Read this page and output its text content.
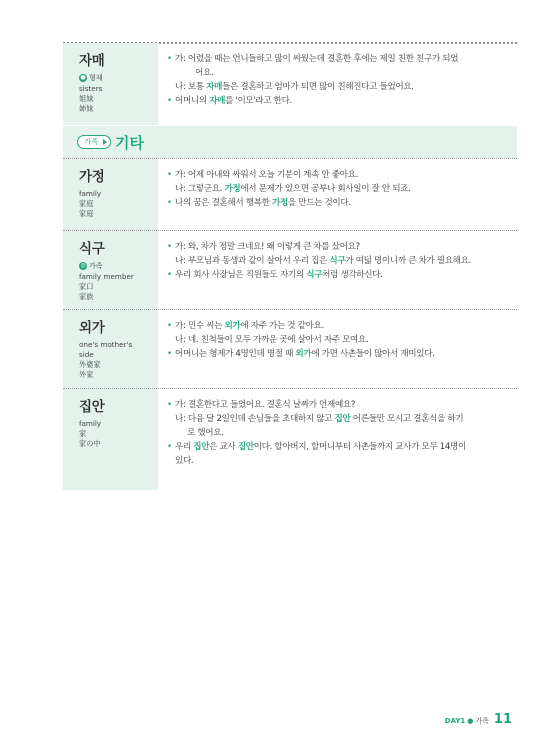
자매
● 형제
sisters
姐妹
姉妹
• 가: 어렸을 때는 언니들하고 많이 싸웠는데 결혼한 후에는 제일 친한 친구가 되었
어요.
나: 보통 자매들은 결혼하고 엄마가 되면 많이 친해진다고 들었어요.
• 어머니의 자매를 '이모'라고 한다.
가족	기타
가정
family
家庭
家庭
• 가: 어제 아내와 싸워서 오늘 기분이 계속 안 좋아요.
나: 그렇군요. 가정에서 문제가 있으면 공부나 회사일이 잘 안 되죠.
• 나의 꿈은 결혼해서 행복한 가정을 만드는 것이다.
식구
◎ 가족
family member
家口
家族
• 가: 와, 차가 정말 크네요! 왜 이렇게 큰 차를 샀어요?
나: 부모님과 동생과 같이 살아서 우리 집은 식구가 여덟 명이니까 큰 차가 필요해요.
• 우리 회사 사장님은 직원들도 자기의 식구처럼 생각하신다.
외가
one's mother's
side
外婆家
外家
• 가: 민수 씨는 외가에 자주 가는 것 같아요.
나: 네. 친척들이 모두 가까운 곳에 살아서 자주 모여요.
• 어머니는 형제가 4명인데 명절 때 외가에 가면 사촌들이 많아서 재미있다.
집안
family
家
家の中
• 가: 결혼한다고 들었어요. 결혼식 날짜가 언제예요?
나: 다음 달 2일인데 손님들을 초대하지 않고 집안 어른들만 모시고 결혼식을 하기
로 했어요.
• 우리 집안은 교사 집안이다. 할아버지, 할머니부터 사촌들까지 교사가 모두 14명이
있다.
DAY1 ● 가족 11
